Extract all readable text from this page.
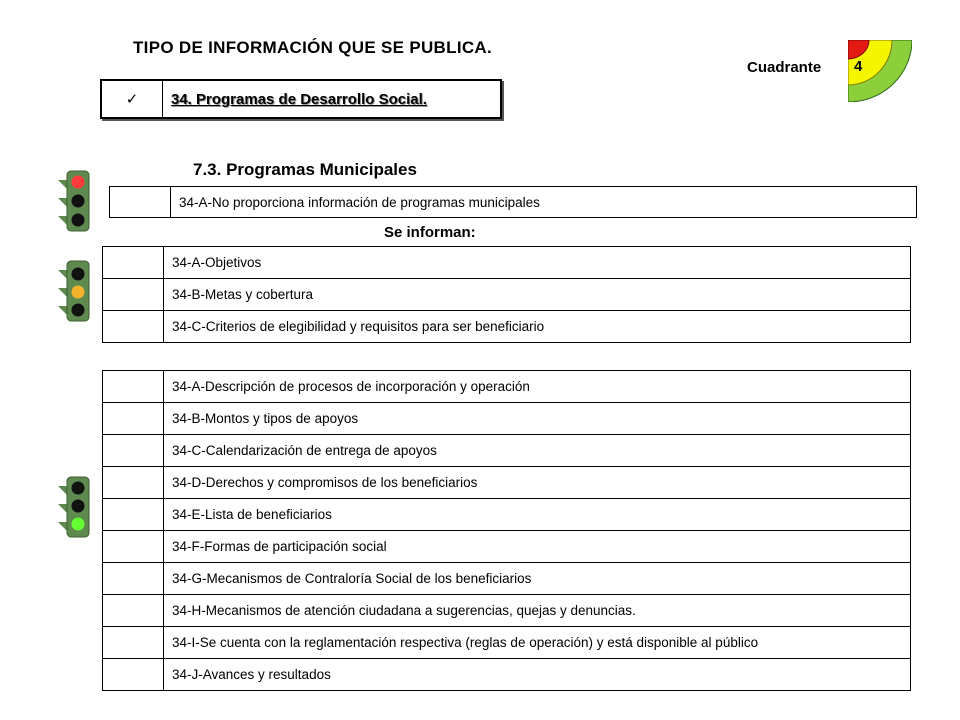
TIPO DE INFORMACIÓN QUE SE PUBLICA.
Cuadrante 4
✓	34. Programas de Desarrollo Social.
7.3. Programas Municipales
	34-A-No proporciona información de programas municipales
Se informan:
	34-A-Objetivos
	34-B-Metas y cobertura
	34-C-Criterios de elegibilidad y requisitos para ser beneficiario
	34-A-Descripción de procesos de incorporación y operación
	34-B-Montos y tipos de apoyos
	34-C-Calendarización de entrega de apoyos
	34-D-Derechos y compromisos de los beneficiarios
	34-E-Lista de beneficiarios
	34-F-Formas de participación social
	34-G-Mecanismos de Contraloría Social de los beneficiarios
	34-H-Mecanismos de atención ciudadana a sugerencias, quejas y denuncias.
	34-I-Se cuenta con la reglamentación respectiva (reglas de operación) y está disponible al público
	34-J-Avances y resultados
